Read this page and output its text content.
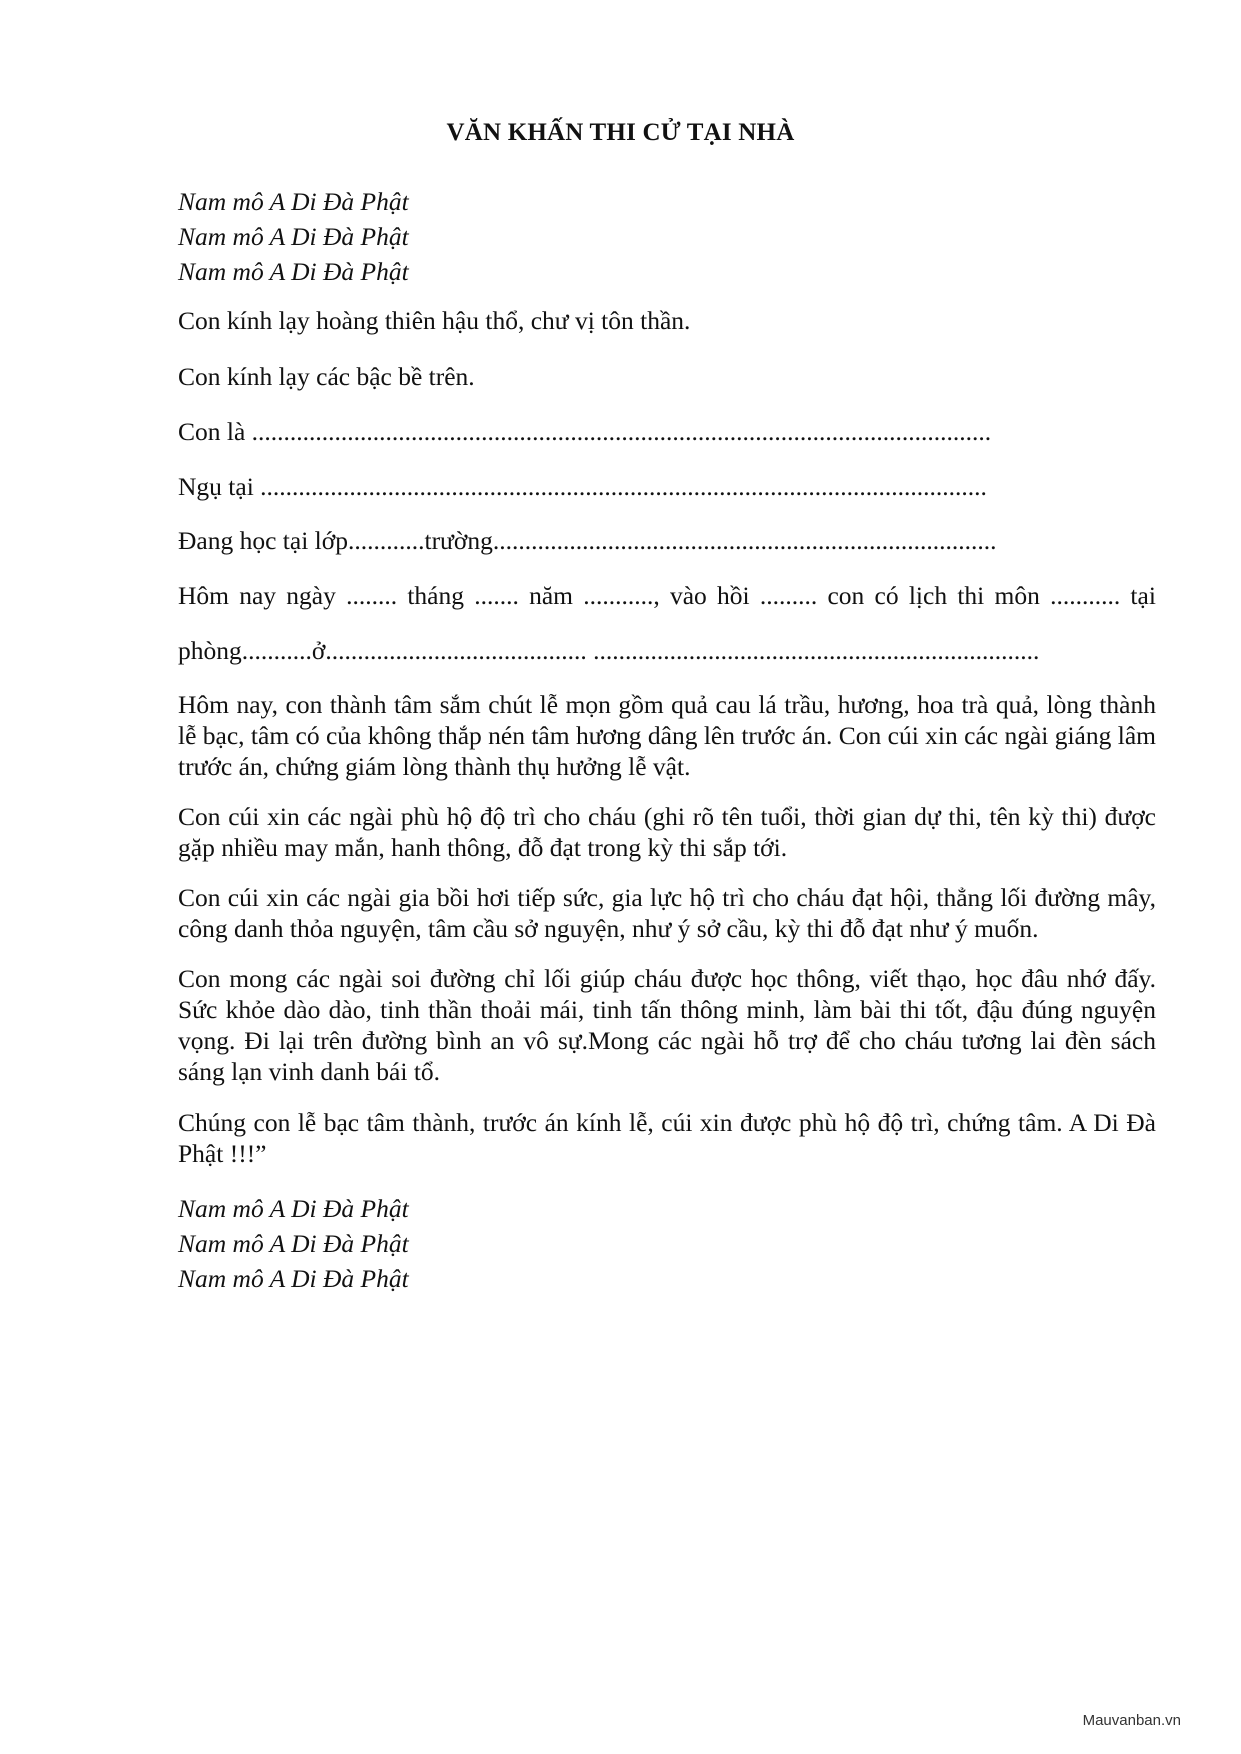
VĂN KHẤN THI CỬ TẠI NHÀ
Nam mô A Di Đà Phật
Nam mô A Di Đà Phật
Nam mô A Di Đà Phật

Con kính lạy hoàng thiên hậu thổ, chư vị tôn thần.

Con kính lạy các bậc bề trên.

Con là ....................................................................................................................

Ngụ tại ..................................................................................................................

Đang học tại lớp............trường...............................................................................

Hôm nay ngày ........ tháng ....... năm ..........., vào hồi ......... con có lịch thi môn ........... tại

phòng...........ở......................................... ......................................................................

Hôm nay, con thành tâm sắm chút lễ mọn gồm quả cau lá trầu, hương, hoa trà quả, lòng thành lễ bạc, tâm có của không thắp nén tâm hương dâng lên trước án. Con cúi xin các ngài giáng lâm trước án, chứng giám lòng thành thụ hưởng lễ vật.

Con cúi xin các ngài phù hộ độ trì cho cháu (ghi rõ tên tuổi, thời gian dự thi, tên kỳ thi) được gặp nhiều may mắn, hanh thông, đỗ đạt trong kỳ thi sắp tới.

Con cúi xin các ngài gia bồi hơi tiếp sức, gia lực hộ trì cho cháu đạt hội, thẳng lối đường mây, công danh thỏa nguyện, tâm cầu sở nguyện, như ý sở cầu, kỳ thi đỗ đạt như ý muốn.

Con mong các ngài soi đường chỉ lối giúp cháu được học thông, viết thạo, học đâu nhớ đấy. Sức khỏe dào dào, tinh thần thoải mái, tinh tấn thông minh, làm bài thi tốt, đậu đúng nguyện vọng. Đi lại trên đường bình an vô sự.Mong các ngài hỗ trợ để cho cháu tương lai đèn sách sáng lạn vinh danh bái tổ.

Chúng con lễ bạc tâm thành, trước án kính lễ, cúi xin được phù hộ độ trì, chứng tâm. A Di Đà Phật !!!”

Nam mô A Di Đà Phật
Nam mô A Di Đà Phật
Nam mô A Di Đà Phật
Mauvanban.vn
